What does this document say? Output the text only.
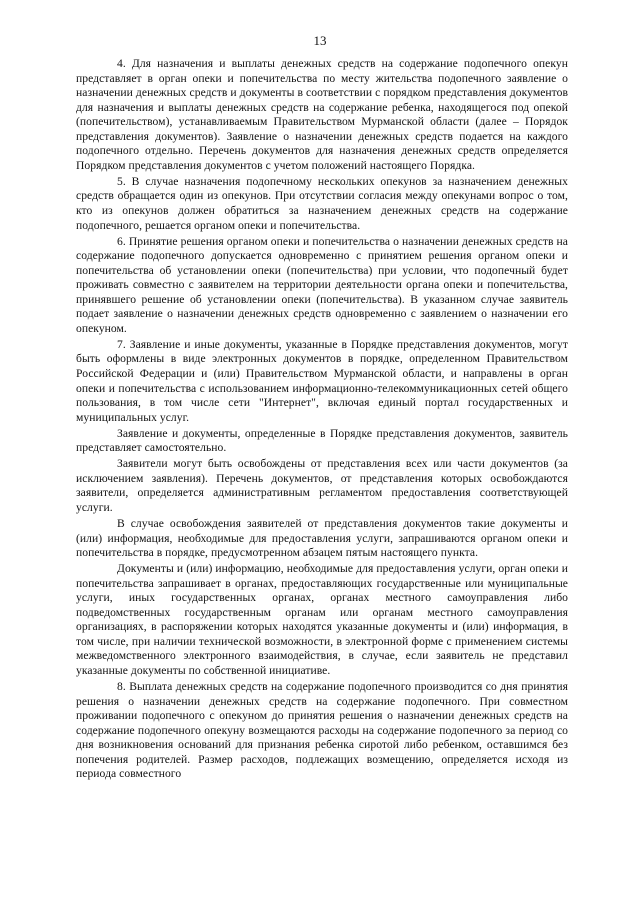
13

4. Для назначения и выплаты денежных средств на содержание подопечного опекун представляет в орган опеки и попечительства по месту жительства подопечного заявление о назначении денежных средств и документы в соответствии с порядком представления документов для назначения и выплаты денежных средств на содержание ребенка, находящегося под опекой (попечительством), устанавливаемым Правительством Мурманской области (далее – Порядок представления документов). Заявление о назначении денежных средств подается на каждого подопечного отдельно. Перечень документов для назначения денежных средств определяется Порядком представления документов с учетом положений настоящего Порядка.

5. В случае назначения подопечному нескольких опекунов за назначением денежных средств обращается один из опекунов. При отсутствии согласия между опекунами вопрос о том, кто из опекунов должен обратиться за назначением денежных средств на содержание подопечного, решается органом опеки и попечительства.

6. Принятие решения органом опеки и попечительства о назначении денежных средств на содержание подопечного допускается одновременно с принятием решения органом опеки и попечительства об установлении опеки (попечительства) при условии, что подопечный будет проживать совместно с заявителем на территории деятельности органа опеки и попечительства, принявшего решение об установлении опеки (попечительства). В указанном случае заявитель подает заявление о назначении денежных средств одновременно с заявлением о назначении его опекуном.

7. Заявление и иные документы, указанные в Порядке представления документов, могут быть оформлены в виде электронных документов в порядке, определенном Правительством Российской Федерации и (или) Правительством Мурманской области, и направлены в орган опеки и попечительства с использованием информационно-телекоммуникационных сетей общего пользования, в том числе сети "Интернет", включая единый портал государственных и муниципальных услуг.

Заявление и документы, определенные в Порядке представления документов, заявитель представляет самостоятельно.

Заявители могут быть освобождены от представления всех или части документов (за исключением заявления). Перечень документов, от представления которых освобождаются заявители, определяется административным регламентом предоставления соответствующей услуги.

В случае освобождения заявителей от представления документов такие документы и (или) информация, необходимые для предоставления услуги, запрашиваются органом опеки и попечительства в порядке, предусмотренном абзацем пятым настоящего пункта.

Документы и (или) информацию, необходимые для предоставления услуги, орган опеки и попечительства запрашивает в органах, предоставляющих государственные или муниципальные услуги, иных государственных органах, органах местного самоуправления либо подведомственных государственным органам или органам местного самоуправления организациях, в распоряжении которых находятся указанные документы и (или) информация, в том числе, при наличии технической возможности, в электронной форме с применением системы межведомственного электронного взаимодействия, в случае, если заявитель не представил указанные документы по собственной инициативе.

8. Выплата денежных средств на содержание подопечного производится со дня принятия решения о назначении денежных средств на содержание подопечного. При совместном проживании подопечного с опекуном до принятия решения о назначении денежных средств на содержание подопечного опекуну возмещаются расходы на содержание подопечного за период со дня возникновения оснований для признания ребенка сиротой либо ребенком, оставшимся без попечения родителей. Размер расходов, подлежащих возмещению, определяется исходя из периода совместного
